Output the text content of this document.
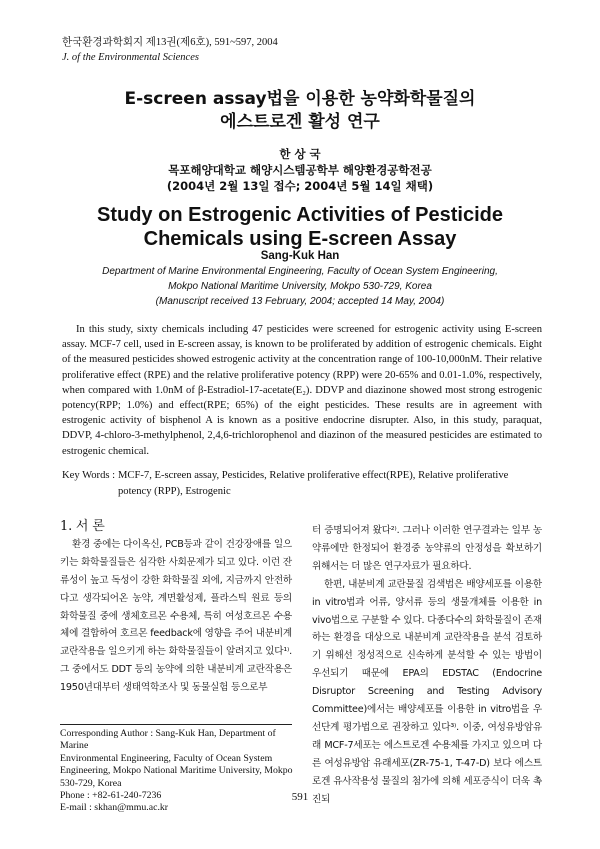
한국환경과학회지 제13권(제6호), 591~597, 2004
J. of the Environmental Sciences
E-screen assay법을 이용한 농약화학물질의
에스트로겐 활성 연구
한 상 국
목포해양대학교 해양시스템공학부 해양환경공학전공
(2004년 2월 13일 접수; 2004년 5월 14일 채택)
Study on Estrogenic Activities of Pesticide
Chemicals using E-screen Assay
Sang-Kuk Han
Department of Marine Environmental Engineering, Faculty of Ocean System Engineering,
Mokpo National Maritime University, Mokpo 530-729, Korea
(Manuscript received 13 February, 2004; accepted 14 May, 2004)
In this study, sixty chemicals including 47 pesticides were screened for estrogenic activity using E-screen assay. MCF-7 cell, used in E-screen assay, is known to be proliferated by addition of estrogenic chemicals. Eight of the measured pesticides showed estrogenic activity at the concentration range of 100-10,000nM. Their relative proliferative effect (RPE) and the relative proliferative potency (RPP) were 20-65% and 0.01-1.0%, respectively, when compared with 1.0nM of β-Estradiol-17-acetate(E₂). DDVP and diazinone showed most strong estrogenic potency(RPP; 1.0%) and effect(RPE; 65%) of the eight pesticides. These results are in agreement with estrogenic activity of bisphenol A is known as a positive endocrine disrupter. Also, in this study, paraquat, DDVP, 4-chloro-3-methylphenol, 2,4,6-trichlorophenol and diazinon of the measured pesticides are estimated to estrogenic chemical.
Key Words : MCF-7, E-screen assay, Pesticides, Relative proliferative effect(RPE), Relative proliferative potency (RPP), Estrogenic
1. 서 론

환경 중에는 다이옥신, PCB등과 같이 건강장애를 일으키는 화학물질들은 심각한 사회문제가 되고 있다. 이런 잔류성이 높고 독성이 강한 화학물질 외에, 지금까지 안전하다고 생각되어온 농약, 계면활성제, 플라스틱 원료 등의 화학물질 중에 생체호르몬 수용체, 특히 여성호르몬 수용체에 결합하여 호르몬 feedback에 영향을 주어 내분비계 교란작용을 일으키게 하는 화학물질들이 알려지고 있다¹⁾. 그 중에서도 DDT 등의 농약에 의한 내분비계 교란작용은 1950년대부터 생태역학조사 및 동물실험 등으로부

Corresponding Author : Sang-Kuk Han, Department of Marine
Environmental Engineering, Faculty of Ocean System
Engineering, Mokpo National Maritime University, Mokpo
530-729, Korea
Phone : +82-61-240-7236
E-mail : skhan@mmu.ac.kr

터 증명되어져 왔다²⁾. 그러나 이러한 연구결과는 일부 농약류에만 한정되어 환경중 농약류의 안정성을 확보하기 위해서는 더 많은 연구자료가 필요하다.

한편, 내분비계 교란물질 검색법은 배양세포를 이용한 in vitro법과 어류, 양서류 등의 생물개체를 이용한 in vivo법으로 구분할 수 있다. 다종다수의 화학물질이 존재하는 환경을 대상으로 내분비계 교란작용을 분석 검토하기 위해선 정성적으로 신속하게 분석할 수 있는 방법이 우선되기 때문에 EPA의 EDSTAC (Endocrine Disruptor Screening and Testing Advisory Committee)에서는 배양세포를 이용한 in vitro법을 우선단계 평가법으로 권장하고 있다³⁾. 이중, 여성유방암유래 MCF-7세포는 에스트로겐 수용체를 가지고 있으며 다른 여성유방암 유래세포(ZR-75-1, T-47-D) 보다 에스트로겐 유사작용성 물질의 첨가에 의해 세포증식이 더욱 촉진되

591
